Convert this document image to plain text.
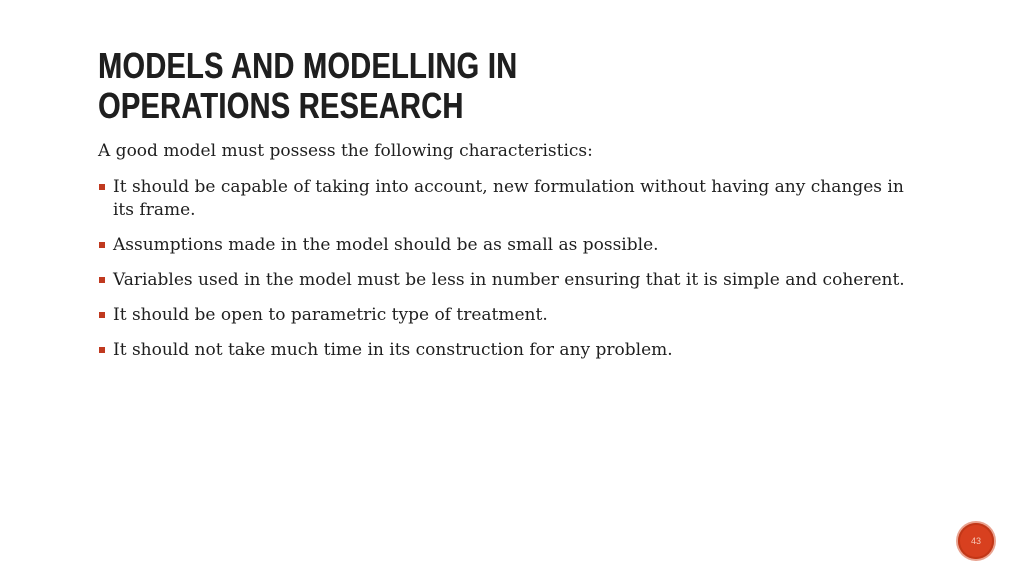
MODELS AND MODELLING IN OPERATIONS RESEARCH

A good model must possess the following characteristics:

It should be capable of taking into account, new formulation without having any changes in its frame.
Assumptions made in the model should be as small as possible.
Variables used in the model must be less in number ensuring that it is simple and coherent.
It should be open to parametric type of treatment.
It should not take much time in its construction for any problem.
43
